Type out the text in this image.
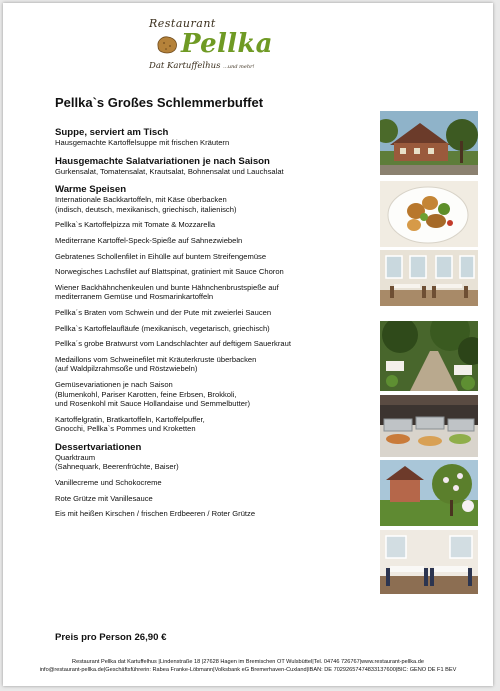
Restaurant
Pellka
Dat Kartuffelhus ...und mehr!
Pellka`s Großes Schlemmerbuffet

Suppe, serviert am Tisch

Hausgemachte Kartoffelsuppe mit frischen Kräutern

Hausgemachte Salatvariationen je nach Saison

Gurkensalat, Tomatensalat, Krautsalat, Bohnensalat und Lauchsalat

Warme Speisen

Internationale Backkartoffeln, mit Käse überbacken

(indisch, deutsch, mexikanisch, griechisch, italienisch)

Pellka`s Kartoffelpizza mit Tomate & Mozzarella

Mediterrane Kartoffel-Speck-Spieße auf Sahnezwiebeln

Gebratenes Schollenfilet in Eihülle auf buntem Streifengemüse

Norwegisches Lachsfilet auf Blattspinat, gratiniert mit Sauce Choron

Wiener Backhähnchenkeulen und bunte Hähnchenbrustspieße auf

mediterranem Gemüse und Rosmarinkartoffeln

Pellka´s Braten vom Schwein und der Pute mit zweierlei Saucen

Pellka`s Kartoffelaufläufe (mexikanisch, vegetarisch, griechisch)

Pellka´s grobe Bratwurst vom Landschlachter auf deftigem Sauerkraut

Medaillons vom Schweinefilet mit Kräuterkruste überbacken

(auf Waldpilzrahmsoße und Röstzwiebeln)

Gemüsevariationen je nach Saison

(Blumenkohl, Pariser Karotten, feine Erbsen, Brokkoli,

und Rosenkohl mit Sauce Hollandaise und Semmelbutter)

Kartoffelgratin, Bratkartoffeln, Kartoffelpuffer,

Gnocchi, Pellka`s Pommes und Kroketten

Dessertvariationen

Quarktraum

(Sahnequark, Beerenfrüchte, Baiser)

Vanillecreme und Schokocreme

Rote Grütze mit Vanillesauce

Eis mit heißen Kirschen / frischen Erdbeeren / Roter Grütze

Preis pro Person 26,90 €
Restaurant Pellka dat Kartuffelhus |Lindenstraße 18 |27628 Hagen im Bremischen OT Wulsbüttel|Tel. 04746 726767|www.restaurant-pellka.de
info@restaurant-pellka.de|Geschäftsführerin: Rabea Franke-Löbmann|Volksbank eG Bremerhaven-Cuxland|IBAN: DE 70292657474833137600|BIC: GENO DE F1 BEV
